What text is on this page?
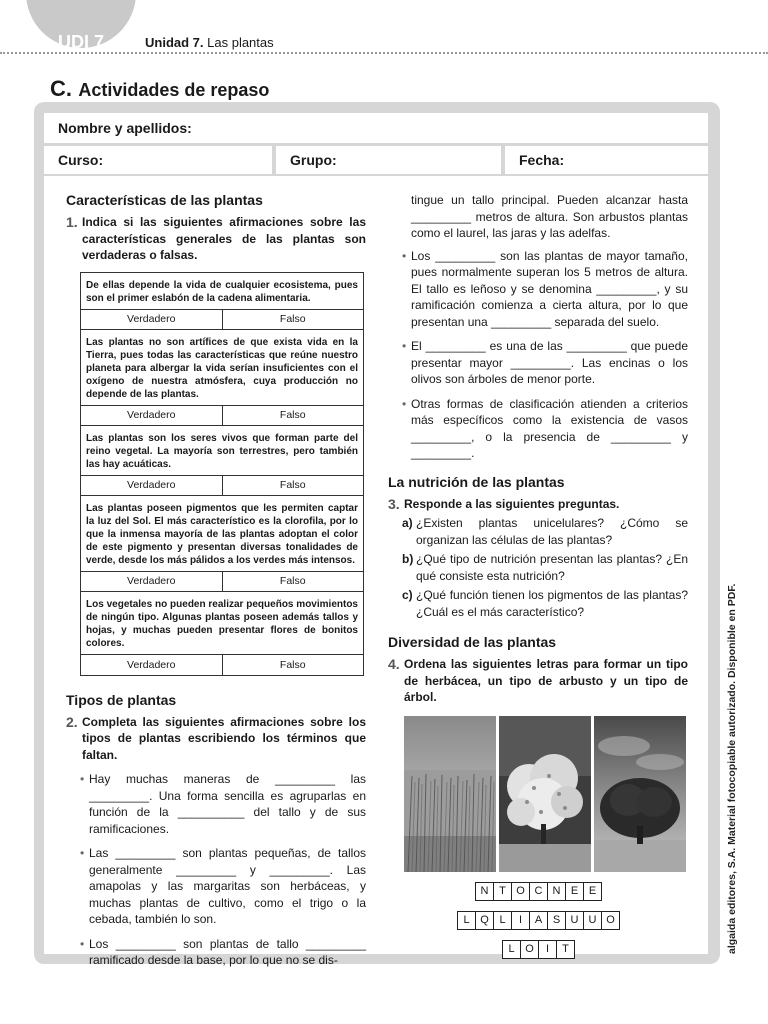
UDI 7	Unidad 7. Las plantas
C. Actividades de repaso
Nombre y apellidos:
Curso:	Grupo:	Fecha:
Características de las plantas
1. Indica si las siguientes afirmaciones sobre las características generales de las plantas son verdaderas o falsas.
De ellas depende la vida de cualquier ecosistema, pues son el primer eslabón de la cadena alimentaria.
Verdadero	Falso
Las plantas no son artífices de que exista vida en la Tierra, pues todas las características que reúne nuestro planeta para albergar la vida serían insuficientes con el oxígeno de nuestra atmósfera, cuya producción no depende de las plantas.
Verdadero	Falso
Las plantas son los seres vivos que forman parte del reino vegetal. La mayoría son terrestres, pero también las hay acuáticas.
Verdadero	Falso
Las plantas poseen pigmentos que les permiten captar la luz del Sol. El más característico es la clorofila, por lo que la inmensa mayoría de las plantas adoptan el color de este pigmento y presentan diversas tonalidades de verde, desde los más pálidos a los verdes más intensos.
Verdadero	Falso
Los vegetales no pueden realizar pequeños movimientos de ningún tipo. Algunas plantas poseen además tallos y hojas, y muchas pueden presentar flores de bonitos colores.
Verdadero	Falso
Tipos de plantas
2. Completa las siguientes afirmaciones sobre los tipos de plantas escribiendo los términos que faltan.
• Hay muchas maneras de _________ las _________. Una forma sencilla es agruparlas en función de la __________ del tallo y de sus ramificaciones.
• Las _________ son plantas pequeñas, de tallos generalmente _________ y _________. Las amapolas y las margaritas son herbáceas, y muchas plantas de cultivo, como el trigo o la cebada, también lo son.
• Los _________ son plantas de tallo _________ ramificado desde la base, por lo que no se dis-

tingue un tallo principal. Pueden alcanzar hasta _________ metros de altura. Son arbustos plantas como el laurel, las jaras y las adelfas.

• Los _________ son las plantas de mayor tamaño, pues normalmente superan los 5 metros de altura. El tallo es leñoso y se denomina _________, y su ramificación comienza a cierta altura, por lo que presentan una _________ separada del suelo.
• El _________ es una de las _________ que puede presentar mayor _________. Las encinas o los olivos son árboles de menor porte.
• Otras formas de clasificación atienden a criterios más específicos como la existencia de vasos _________, o la presencia de _________ y _________.
La nutrición de las plantas
3. Responde a las siguientes preguntas.
a) ¿Existen plantas unicelulares? ¿Cómo se organizan las células de las plantas?
b) ¿Qué tipo de nutrición presentan las plantas? ¿En qué consiste esta nutrición?
c) ¿Qué función tienen los pigmentos de las plantas? ¿Cuál es el más característico?
Diversidad de las plantas
4. Ordena las siguientes letras para formar un tipo de herbácea, un tipo de arbusto y un tipo de árbol.
N T O C N E E
L Q L	I	A S U U O
L O	I	T	algaida editores, S.A. Material fotocopiable autorizado. Disponible en PDF.
